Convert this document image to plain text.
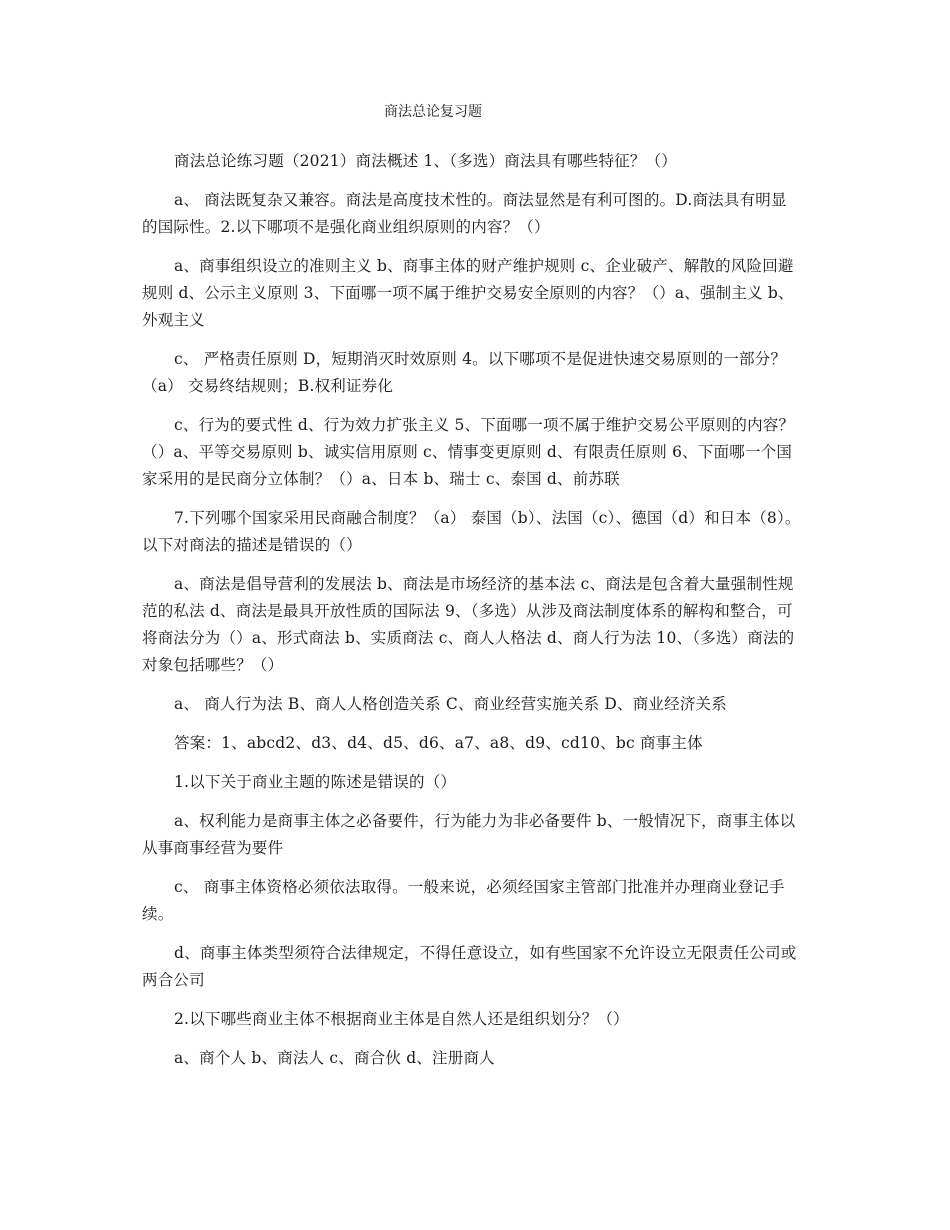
商法总论复习题

商法总论练习题（2021）商法概述 1、（多选）商法具有哪些特征？（）

a、 商法既复杂又兼容。商法是高度技术性的。商法显然是有利可图的。D.商法具有明显的国际性。2.以下哪项不是强化商业组织原则的内容？（）

a、商事组织设立的准则主义 b、商事主体的财产维护规则 c、企业破产、解散的风险回避规则 d、公示主义原则 3、下面哪一项不属于维护交易安全原则的内容？（）a、强制主义 b、外观主义

c、 严格责任原则 D，短期消灭时效原则 4。以下哪项不是促进快速交易原则的一部分？（a） 交易终结规则；B.权利证券化

c、行为的要式性 d、行为效力扩张主义 5、下面哪一项不属于维护交易公平原则的内容？（）a、平等交易原则 b、诚实信用原则 c、情事变更原则 d、有限责任原则 6、下面哪一个国家采用的是民商分立体制？（）a、日本 b、瑞士 c、泰国 d、前苏联

7.下列哪个国家采用民商融合制度？（a） 泰国（b）、法国（c）、德国（d）和日本（8）。以下对商法的描述是错误的（）

a、商法是倡导营利的发展法 b、商法是市场经济的基本法 c、商法是包含着大量强制性规范的私法 d、商法是最具开放性质的国际法 9、（多选）从涉及商法制度体系的解构和整合，可将商法分为（）a、形式商法 b、实质商法 c、商人人格法 d、商人行为法 10、（多选）商法的对象包括哪些？（）

a、 商人行为法 B、商人人格创造关系 C、商业经营实施关系 D、商业经济关系

答案：1、abcd2、d3、d4、d5、d6、a7、a8、d9、cd10、bc 商事主体

1.以下关于商业主题的陈述是错误的（）

a、权利能力是商事主体之必备要件，行为能力为非必备要件 b、一般情况下，商事主体以从事商事经营为要件

c、 商事主体资格必须依法取得。一般来说，必须经国家主管部门批准并办理商业登记手续。

d、商事主体类型须符合法律规定，不得任意设立，如有些国家不允许设立无限责任公司或两合公司

2.以下哪些商业主体不根据商业主体是自然人还是组织划分？（）

a、商个人 b、商法人 c、商合伙 d、注册商人
